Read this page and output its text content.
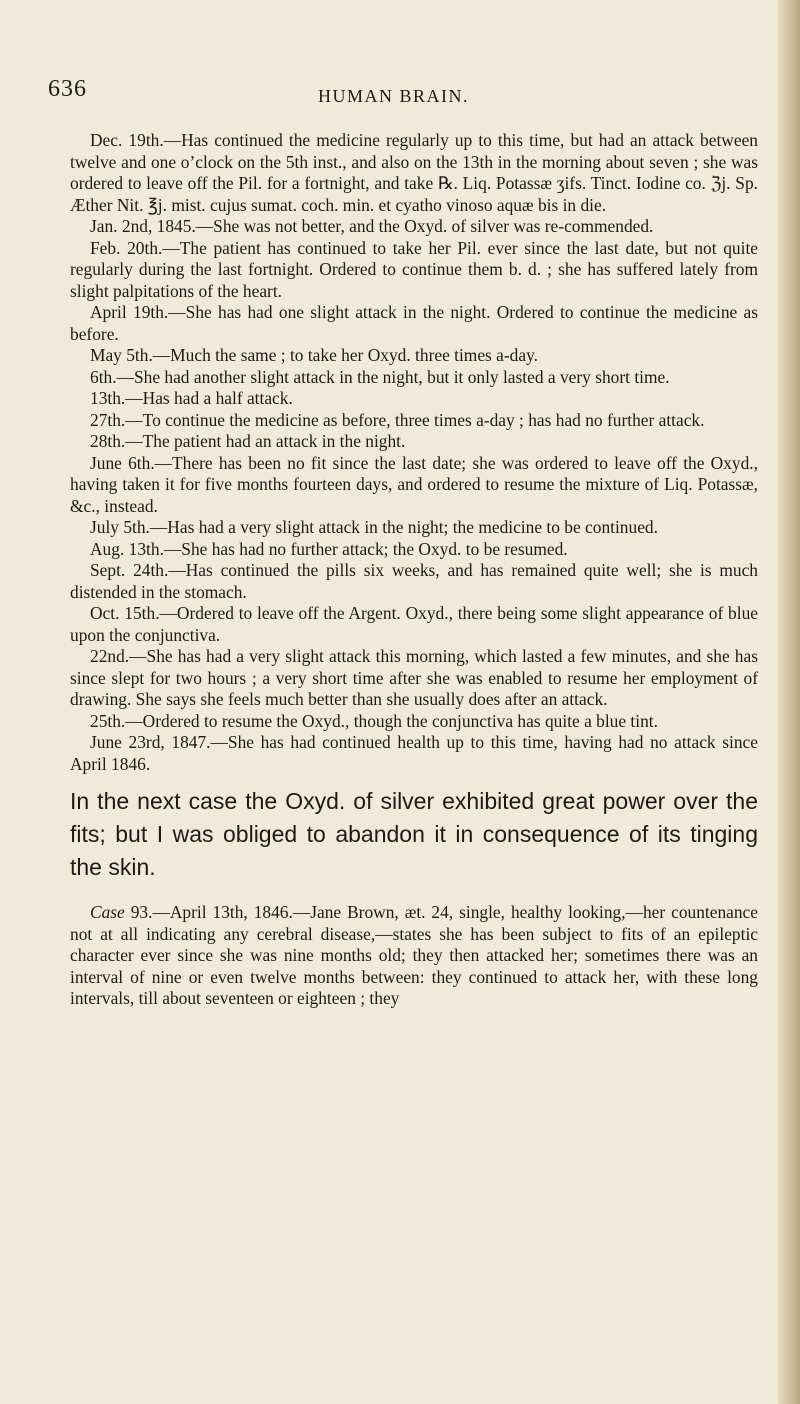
636	HUMAN BRAIN.

Dec. 19th.—Has continued the medicine regularly up to this time, but had an attack between twelve and one o’clock on the 5th inst., and also on the 13th in the morning about seven ; she was ordered to leave off the Pil. for a fortnight, and take ℞. Liq. Potassæ ʒifs. Tinct. Iodine co. ℨj. Sp. Æther Nit. ℥j. mist. cujus sumat. coch. min. et cyatho vinoso aquæ bis in die.

Jan. 2nd, 1845.—She was not better, and the Oxyd. of silver was re-commended.

Feb. 20th.—The patient has continued to take her Pil. ever since the last date, but not quite regularly during the last fortnight. Ordered to continue them b. d. ; she has suffered lately from slight palpitations of the heart.

April 19th.—She has had one slight attack in the night. Ordered to continue the medicine as before.

May 5th.—Much the same ; to take her Oxyd. three times a-day.

6th.—She had another slight attack in the night, but it only lasted a very short time.

13th.—Has had a half attack.

27th.—To continue the medicine as before, three times a-day ; has had no further attack.

28th.—The patient had an attack in the night.

June 6th.—There has been no fit since the last date; she was ordered to leave off the Oxyd., having taken it for five months fourteen days, and ordered to resume the mixture of Liq. Potassæ, &c., instead.

July 5th.—Has had a very slight attack in the night; the medicine to be continued.

Aug. 13th.—She has had no further attack; the Oxyd. to be resumed.

Sept. 24th.—Has continued the pills six weeks, and has remained quite well; she is much distended in the stomach.

Oct. 15th.—Ordered to leave off the Argent. Oxyd., there being some slight appearance of blue upon the conjunctiva.

22nd.—She has had a very slight attack this morning, which lasted a few minutes, and she has since slept for two hours ; a very short time after she was enabled to resume her employment of drawing. She says she feels much better than she usually does after an attack.

25th.—Ordered to resume the Oxyd., though the conjunctiva has quite a blue tint.

June 23rd, 1847.—She has had continued health up to this time, having had no attack since April 1846.

In the next case the Oxyd. of silver exhibited great power over the fits; but I was obliged to abandon it in consequence of its tinging the skin.

Case 93.—April 13th, 1846.—Jane Brown, æt. 24, single, healthy looking,—her countenance not at all indicating any cerebral disease,—states she has been subject to fits of an epileptic character ever since she was nine months old; they then attacked her; sometimes there was an interval of nine or even twelve months between: they continued to attack her, with these long intervals, till about seventeen or eighteen ; they
